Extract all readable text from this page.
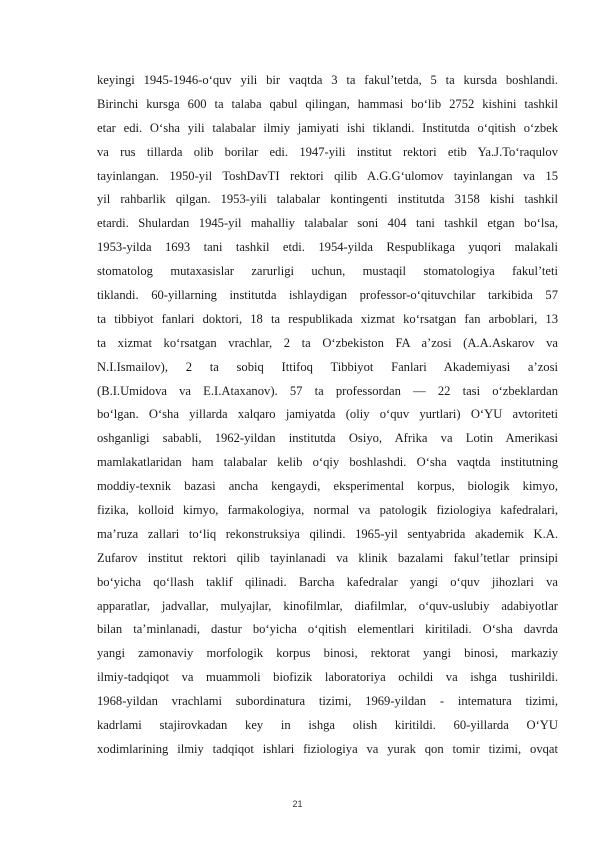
keyingi 1945-1946-o‘quv yili bir vaqtda 3 ta fakul’tetda, 5 ta kursda boshlandi.
Birinchi kursga 600 ta talaba qabul qilingan, hammasi bo‘lib 2752 kishini tashkil
etar edi. O‘sha yili talabalar ilmiy jamiyati ishi tiklandi. Institutda o‘qitish o‘zbek
va rus tillarda olib borilar edi. 1947-yili institut rektori etib Ya.J.To‘raqulov
tayinlangan. 1950-yil ToshDavTI rektori qilib A.G.G‘ulomov tayinlangan va 15
yil rahbarlik qilgan. 1953-yili talabalar kontingenti institutda 3158 kishi tashkil
etardi. Shulardan 1945-yil mahalliy talabalar soni 404 tani tashkil etgan bo‘lsa,
1953-yilda 1693 tani tashkil etdi. 1954-yilda Respublikaga yuqori malakali
stomatolog mutaxasislar zarurligi uchun, mustaqil stomatologiya fakul’teti
tiklandi. 60-yillarning institutda ishlaydigan professor-o‘qituvchilar tarkibida 57
ta tibbiyot fanlari doktori, 18 ta respublikada xizmat ko‘rsatgan fan arboblari, 13
ta xizmat ko‘rsatgan vrachlar, 2 ta O‘zbekiston FA a’zosi (A.A.Askarov va
N.I.Ismailov), 2 ta sobiq Ittifoq Tibbiyot Fanlari Akademiyasi a’zosi
(B.I.Umidova va E.I.Ataxanov). 57 ta professordan — 22 tasi o‘zbeklardan
bo‘lgan. O‘sha yillarda xalqaro jamiyatda (oliy o‘quv yurtlari) O‘YU avtoriteti
oshganligi sababli, 1962-yildan institutda Osiyo, Afrika va Lotin Amerikasi
mamlakatlaridan ham talabalar kelib o‘qiy boshlashdi. O‘sha vaqtda institutning
moddiy-texnik bazasi ancha kengaydi, eksperimental korpus, biologik kimyo,
fizika, kolloid kimyo, farmakologiya, normal va patologik fiziologiya kafedralari,
ma’ruza zallari to‘liq rekonstruksiya qilindi. 1965-yil sentyabrida akademik K.A.
Zufarov institut rektori qilib tayinlanadi va klinik bazalami fakul’tetlar prinsipi
bo‘yicha qo‘llash taklif qilinadi. Barcha kafedralar yangi o‘quv jihozlari va
apparatlar, jadvallar, mulyajlar, kinofilmlar, diafilmlar, o‘quv-uslubiy adabiyotlar
bilan ta’minlanadi, dastur bo‘yicha o‘qitish elementlari kiritiladi. O‘sha davrda
yangi zamonaviy morfologik korpus binosi, rektorat yangi binosi, markaziy
ilmiy-tadqiqot va muammoli biofizik laboratoriya ochildi va ishga tushirildi.
1968-yildan vrachlami subordinatura tizimi, 1969-yildan - intematura tizimi,
kadrlami stajirovkadan key in ishga olish kiritildi. 60-yillarda O‘YU
xodimlarining ilmiy tadqiqot ishlari fiziologiya va yurak qon tomir tizimi, ovqat
21
